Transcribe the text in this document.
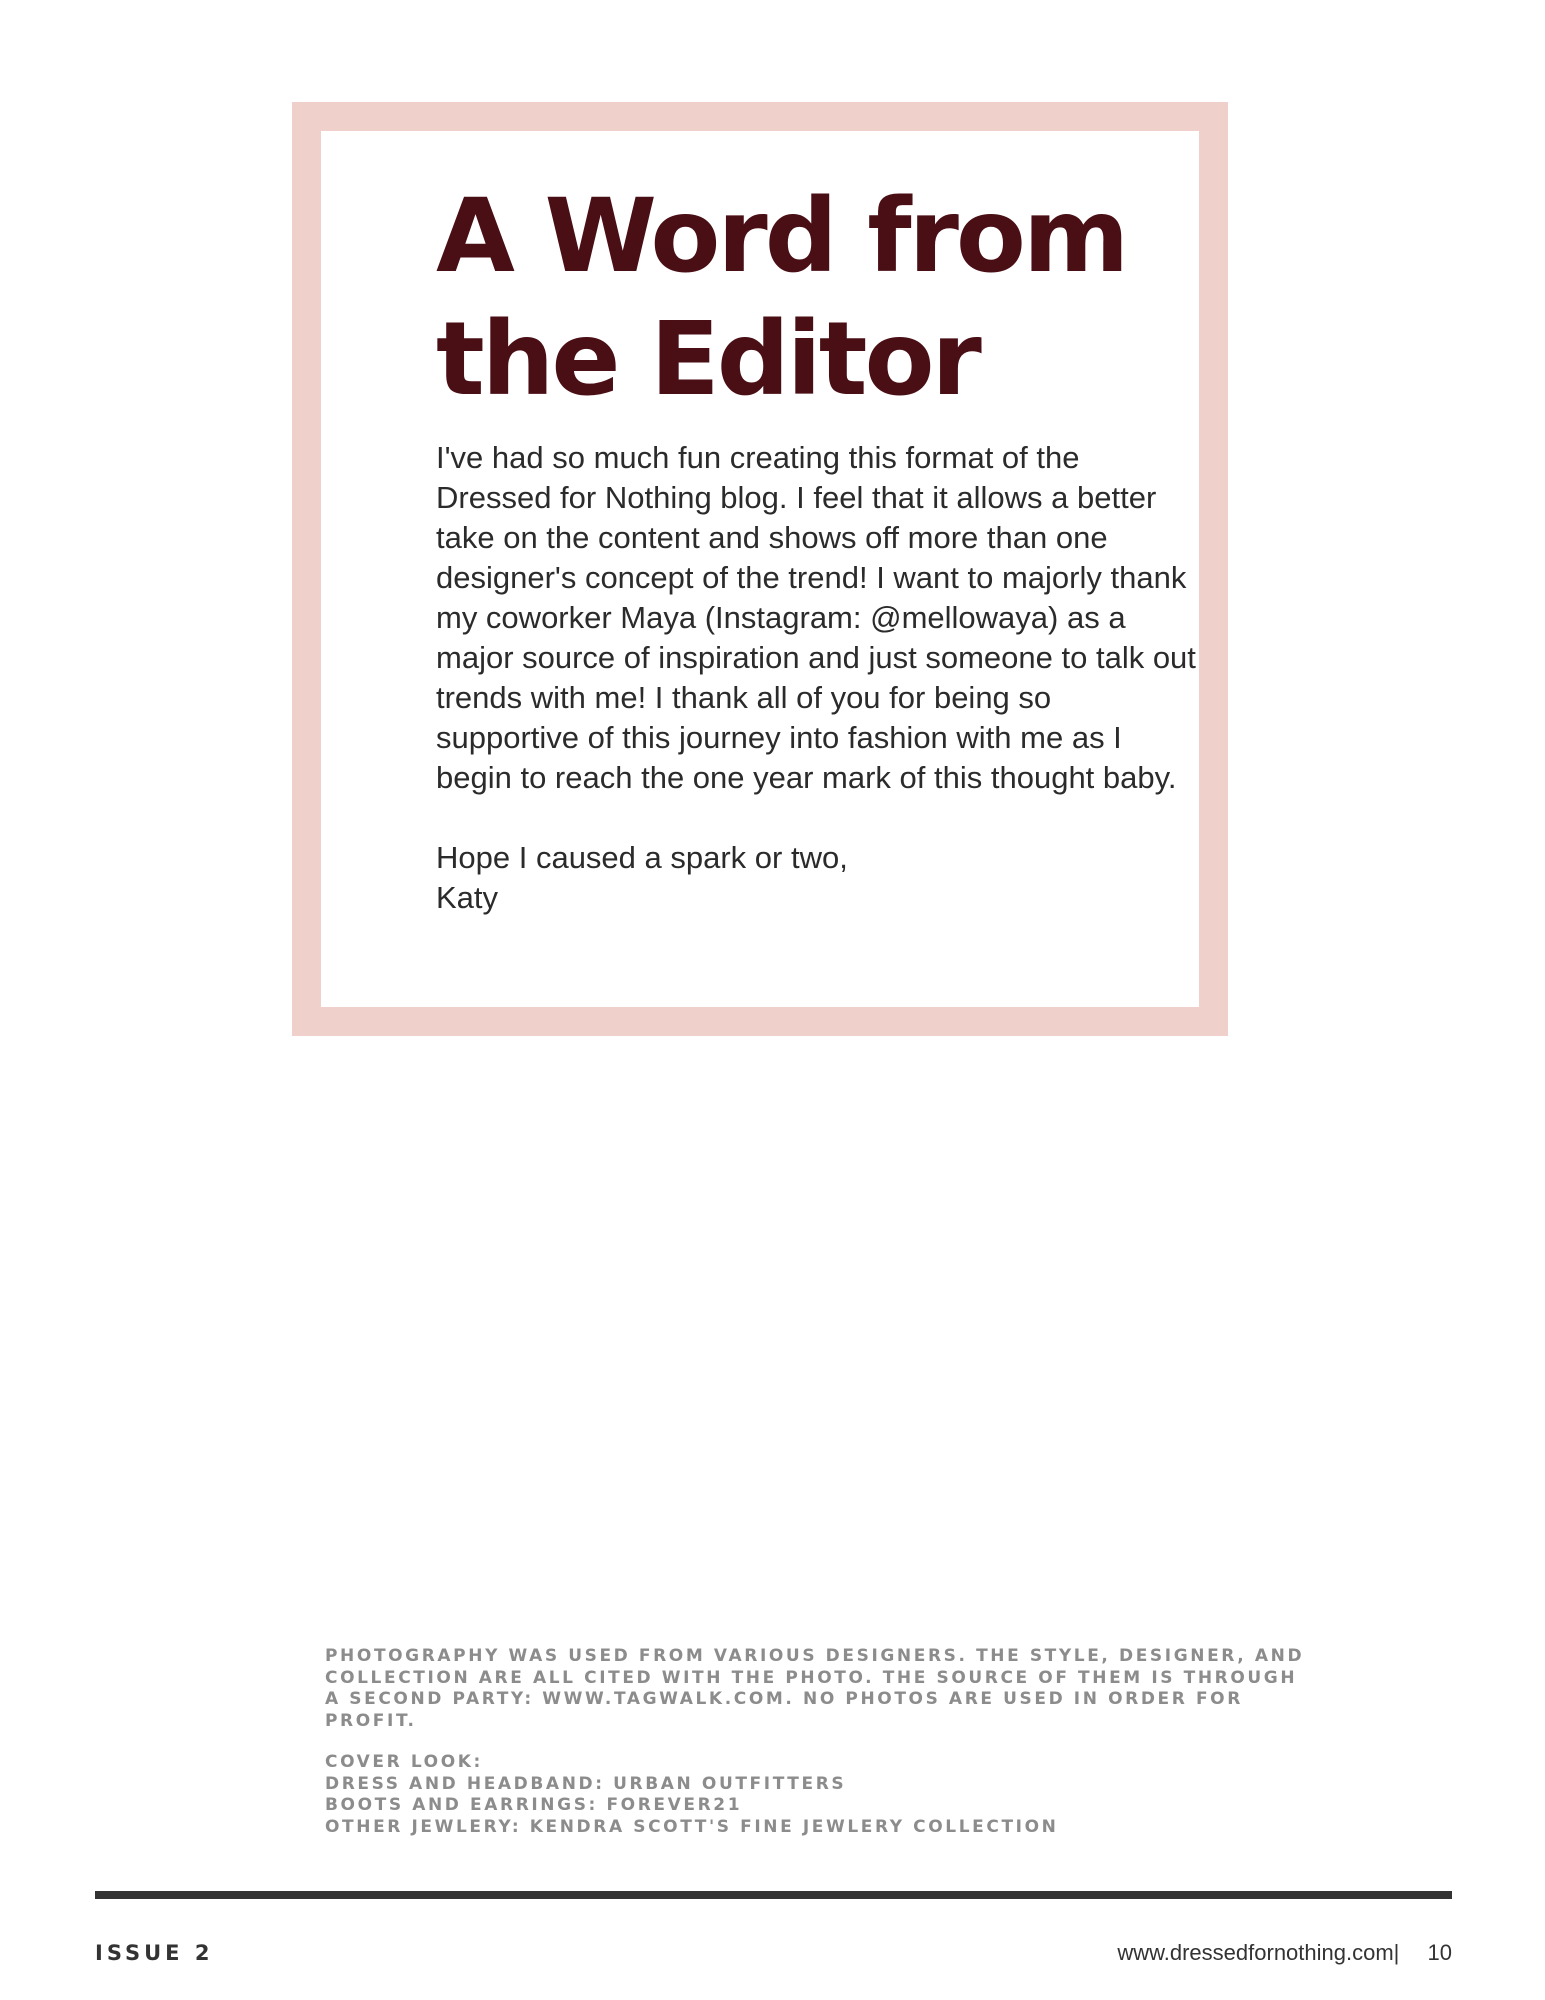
A Word from the Editor

I've had so much fun creating this format of the Dressed for Nothing blog. I feel that it allows a better take on the content and shows off more than one designer's concept of the trend! I want to majorly thank my coworker Maya (Instagram: @mellowaya) as a major source of inspiration and just someone to talk out trends with me! I thank all of you for being so supportive of this journey into fashion with me as I begin to reach the one year mark of this thought baby.

Hope I caused a spark or two,

Katy

PHOTOGRAPHY WAS USED FROM VARIOUS DESIGNERS. THE STYLE, DESIGNER, AND COLLECTION ARE ALL CITED WITH THE PHOTO. THE SOURCE OF THEM IS THROUGH A SECOND PARTY: WWW.TAGWALK.COM. NO PHOTOS ARE USED IN ORDER FOR PROFIT.

COVER LOOK:

DRESS AND HEADBAND: URBAN OUTFITTERS

BOOTS AND EARRINGS: FOREVER21

OTHER JEWLERY: KENDRA SCOTT'S FINE JEWLERY COLLECTION

ISSUE 2	www.dressedfornothing.com| 10
